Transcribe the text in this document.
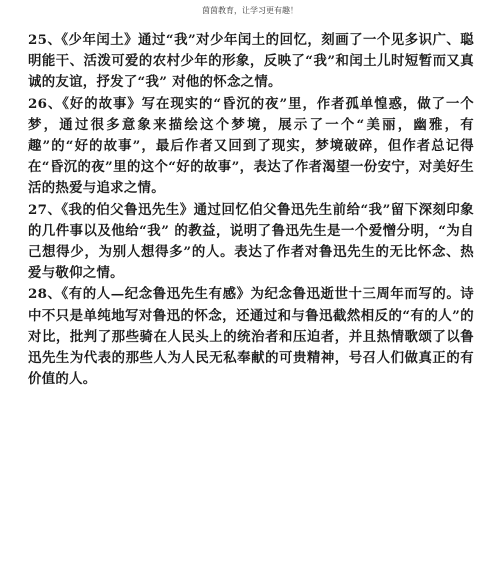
茵茵教育，让学习更有趣！

25、《少年闰土》通过“我”对少年闰土的回忆，刻画了一个见多识广、聪明能干、活泼可爱的农村少年的形象，反映了“我”和闰土儿时短暂而又真诚的友谊，抒发了“我” 对他的怀念之情。

26、《好的故事》写在现实的“昏沉的夜”里，作者孤单惶惑，做了一个梦，通过很多意象来描绘这个梦境，展示了一个“美丽，幽雅，有趣”的“好的故事”，最后作者又回到了现实，梦境破碎，但作者总记得在“昏沉的夜”里的这个“好的故事”，表达了作者渴望一份安宁，对美好生活的热爱与追求之情。

27、《我的伯父鲁迅先生》通过回忆伯父鲁迅先生前给“我”留下深刻印象的几件事以及他给“我” 的教益，说明了鲁迅先生是一个爱憎分明，“为自己想得少，为别人想得多”的人。表达了作者对鲁迅先生的无比怀念、热爱与敬仰之情。

28、《有的人—纪念鲁迅先生有感》为纪念鲁迅逝世十三周年而写的。诗中不只是单纯地写对鲁迅的怀念，还通过和与鲁迅截然相反的“有的人”的对比，批判了那些骑在人民头上的统治者和压迫者，并且热情歌颂了以鲁迅先生为代表的那些人为人民无私奉献的可贵精神，号召人们做真正的有价值的人。
